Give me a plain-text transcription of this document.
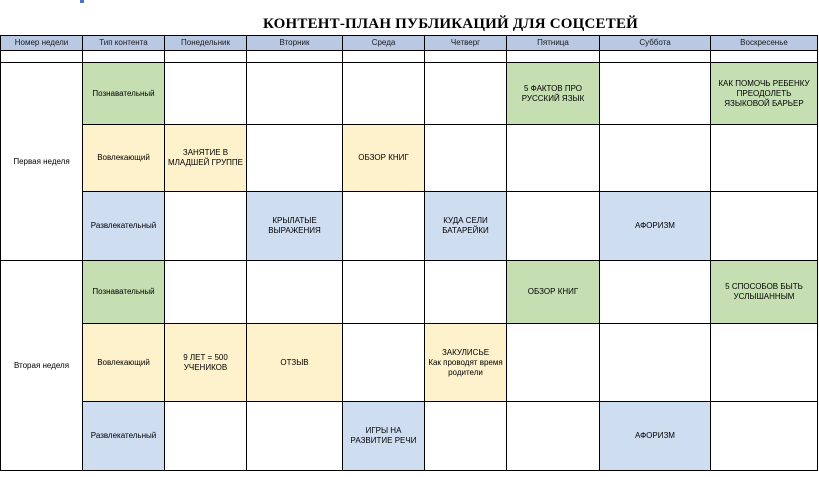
КОНТЕНТ-ПЛАН ПУБЛИКАЦИЙ ДЛЯ СОЦСЕТЕЙ
Номер недели	Тип контента	Понедельник	Вторник	Среда	Четверг	Пятница	Суббота	Воскресенье

Первая неделя	Познавательный					5 ФАКТОВ ПРО РУССКИЙ ЯЗЫК		КАК ПОМОЧЬ РЕБЕНКУ ПРЕОДОЛЕТЬ ЯЗЫКОВОЙ БАРЬЕР
	Вовлекающий	ЗАНЯТИЕ В МЛАДШЕЙ ГРУППЕ		ОБЗОР КНИГ				
	Развлекательный		КРЫЛАТЫЕ ВЫРАЖЕНИЯ		КУДА СЕЛИ БАТАРЕЙКИ		АФОРИЗМ	
Вторая неделя	Познавательный					ОБЗОР КНИГ		5 СПОСОБОВ БЫТЬ УСЛЫШАННЫМ
	Вовлекающий	9 ЛЕТ = 500 УЧЕНИКОВ	ОТЗЫВ		ЗАКУЛИСЬЕ
Как проводят время родители			

	Развлекательный			ИГРЫ НА РАЗВИТИЕ РЕЧИ			АФОРИЗМ	
